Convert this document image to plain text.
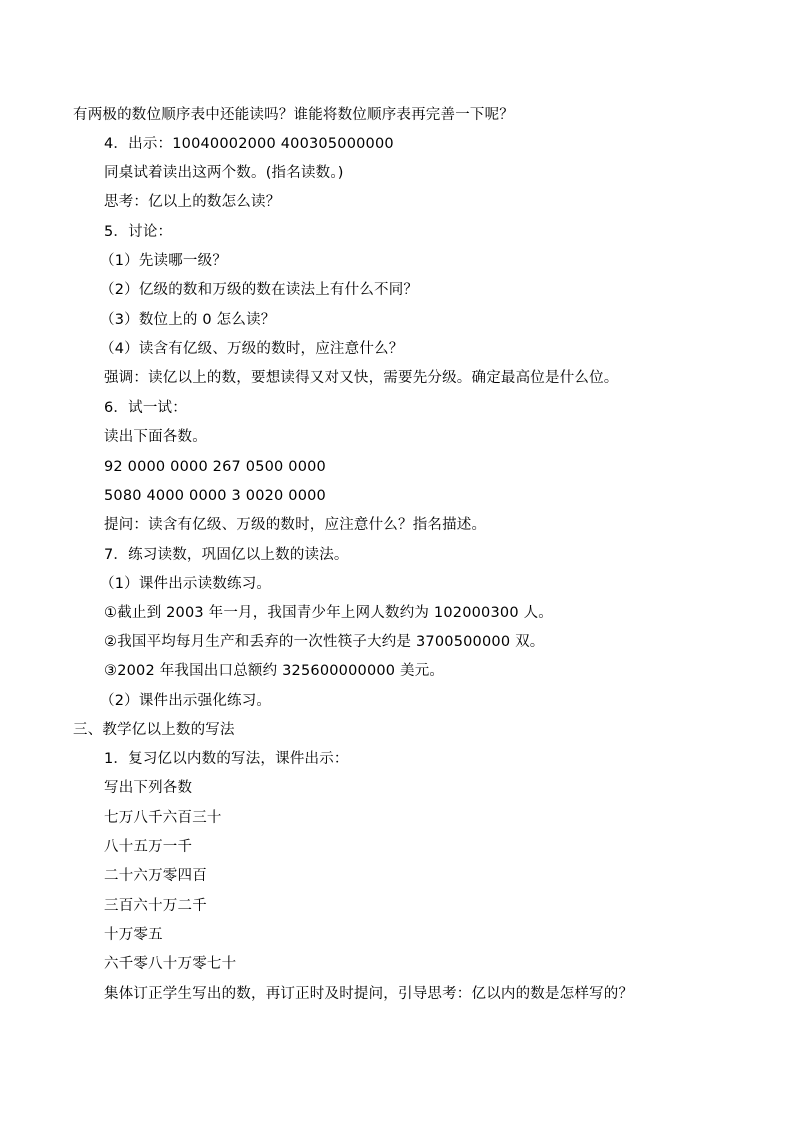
有两极的数位顺序表中还能读吗？谁能将数位顺序表再完善一下呢？
4．出示：10040002000 400305000000
同桌试着读出这两个数。(指名读数。)
思考：亿以上的数怎么读？
5．讨论：
（1）先读哪一级？
（2）亿级的数和万级的数在读法上有什么不同？
（3）数位上的 0 怎么读？
（4）读含有亿级、万级的数时，应注意什么？
强调：读亿以上的数，要想读得又对又快，需要先分级。确定最高位是什么位。
6．试一试：
读出下面各数。
92 0000 0000 267 0500 0000
5080 4000 0000 3 0020 0000
提问：读含有亿级、万级的数时，应注意什么？指名描述。
7．练习读数，巩固亿以上数的读法。
（1）课件出示读数练习。
①截止到 2003 年一月，我国青少年上网人数约为 102000300 人。
②我国平均每月生产和丢弃的一次性筷子大约是 3700500000 双。
③2002 年我国出口总额约 325600000000 美元。
（2）课件出示强化练习。
三、教学亿以上数的写法
1．复习亿以内数的写法，课件出示：
写出下列各数
七万八千六百三十
八十五万一千
二十六万零四百
三百六十万二千
十万零五
六千零八十万零七十
集体订正学生写出的数，再订正时及时提问，引导思考：亿以内的数是怎样写的？
